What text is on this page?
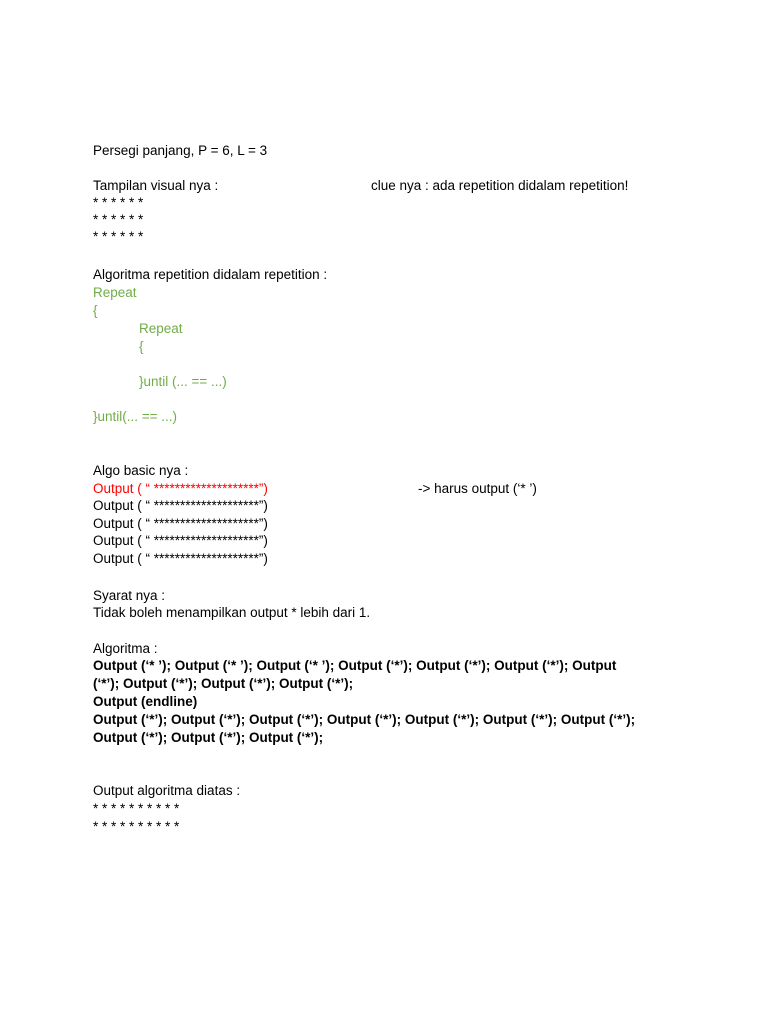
Persegi panjang, P = 6, L = 3
Tampilan visual nya :	clue nya : ada repetition didalam repetition!
* * * * * *
* * * * * *
* * * * * *
Algoritma repetition didalam repetition :
Repeat
{
Repeat
{
}until (... == ...)
}until(... == ...)
Algo basic nya :
Output ( “ ********************”)	-> harus output (‘* ’)
Output ( “ ********************”)
Output ( “ ********************”)
Output ( “ ********************”)
Output ( “ ********************”)
Syarat nya :
Tidak boleh menampilkan output * lebih dari 1.
Algoritma :
Output (‘* ’); Output (‘* ’); Output (‘* ’); Output (‘*’); Output (‘*’); Output (‘*’); Output
(‘*’); Output (‘*’); Output (‘*’); Output (‘*’);
Output (endline)
Output (‘*’); Output (‘*’); Output (‘*’); Output (‘*’); Output (‘*’); Output (‘*’); Output (‘*’);
Output (‘*’); Output (‘*’); Output (‘*’);
Output algoritma diatas :
* * * * * * * * * *
* * * * * * * * * *
